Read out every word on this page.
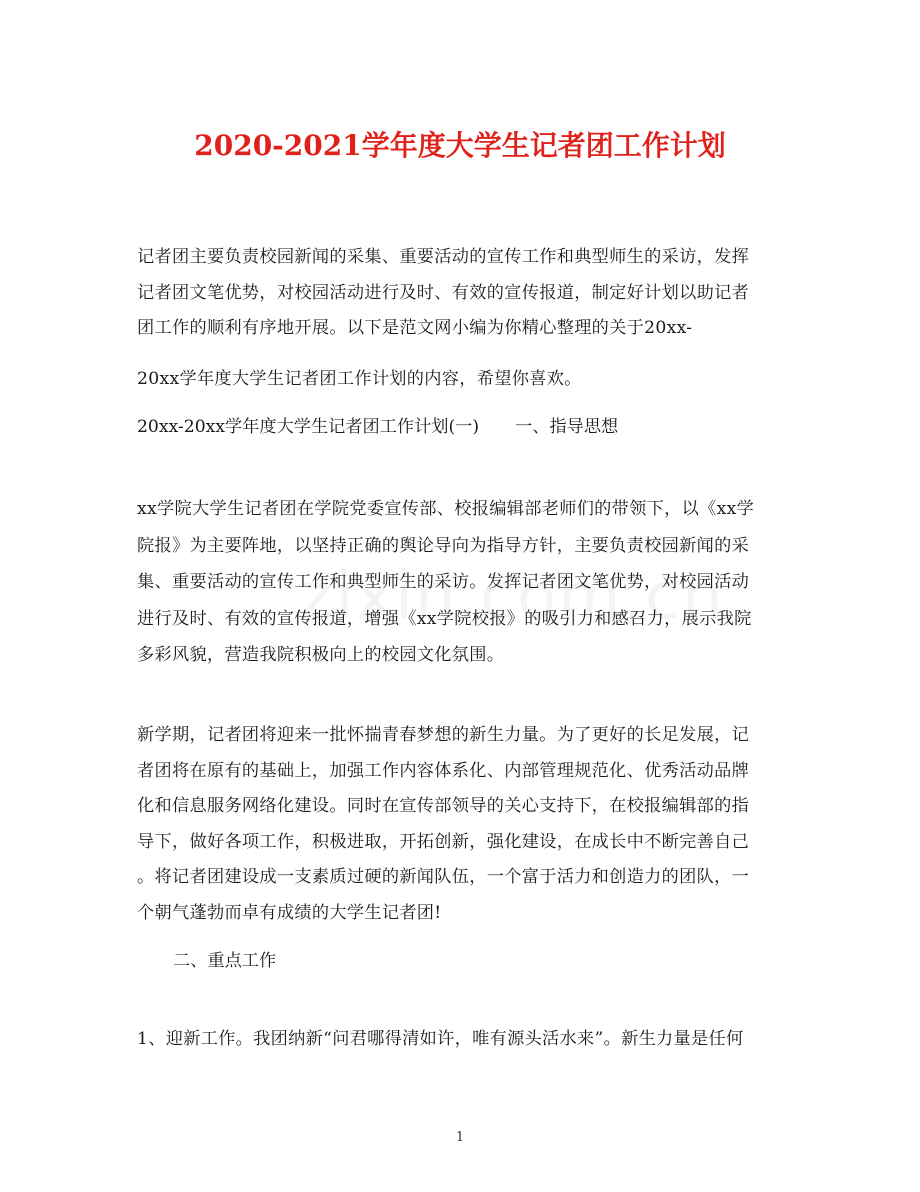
2020-2021学年度大学生记者团工作计划
记者团主要负责校园新闻的采集、重要活动的宣传工作和典型师生的采访，发挥
记者团文笔优势，对校园活动进行及时、有效的宣传报道，制定好计划以助记者
团工作的顺利有序地开展。以下是范文网小编为你精心整理的关于20xx-
20xx学年度大学生记者团工作计划的内容，希望你喜欢。
20xx-20xx学年度大学生记者团工作计划(一) 一、指导思想
xx学院大学生记者团在学院党委宣传部、校报编辑部老师们的带领下，以《xx学
院报》为主要阵地，以坚持正确的舆论导向为指导方针，主要负责校园新闻的采
集、重要活动的宣传工作和典型师生的采访。发挥记者团文笔优势，对校园活动
进行及时、有效的宣传报道，增强《xx学院校报》的吸引力和感召力，展示我院
多彩风貌，营造我院积极向上的校园文化氛围。
新学期，记者团将迎来一批怀揣青春梦想的新生力量。为了更好的长足发展，记
者团将在原有的基础上，加强工作内容体系化、内部管理规范化、优秀活动品牌
化和信息服务网络化建设。同时在宣传部领导的关心支持下，在校报编辑部的指
导下，做好各项工作，积极进取，开拓创新，强化建设，在成长中不断完善自己
。将记者团建设成一支素质过硬的新闻队伍，一个富于活力和创造力的团队，一
个朝气蓬勃而卓有成绩的大学生记者团!
二、重点工作
1、迎新工作。我团纳新“问君哪得清如许，唯有源头活水来”。新生力量是任何
1
